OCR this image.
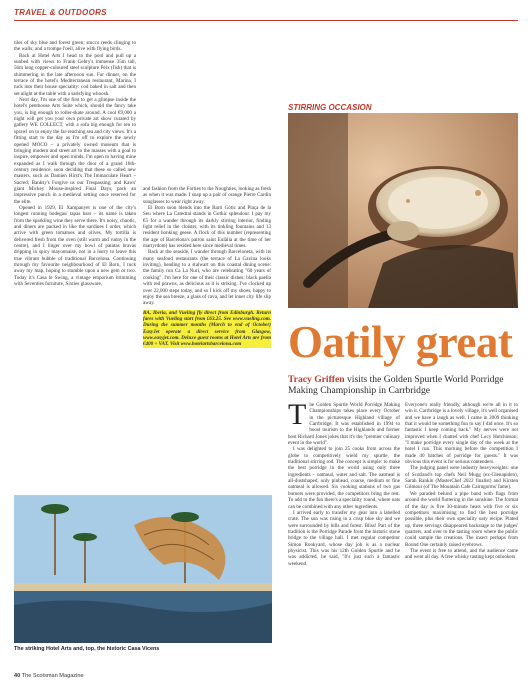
TRAVEL & OUTDOORS

tiles of sky blue and forest green; stucco reeds clinging to the walls; and a trompe l'oeil, alive with flying birds.

Back at Hotel Arts I head to the pool and pull up a sunbed with views to Frank Gehry's immense 35m tall, 56m long copper-coloured steel sculpture Peix (fish) that is shimmering in the late afternoon sun. For dinner, on the terrace of the hotel's Mediterranean restaurant, Marina, I tuck into their house speciality: cod baked in salt and then set alight at the table with a satisfying whoosh.

Next day, I'm one of the first to get a glimpse inside the hotel's penthouse Arts Suite which, should the fancy take you, is big enough to roller-skate around. A cool €9,000 a night will get you your own private art show curated by gallery WE COLLECT, with a sofa big enough for ten to sprawl on to enjoy the far-reaching sea and city views. It's a fitting start to the day as I'm off to explore the newly opened MOCO – a privately owned museum that is bringing modern and street art to the masses with a goal to inspire, empower and open minds. I'm open to having mine expanded as I walk through the door of a grand 16th-century residence, soon deciding that these so called new masters, such as Damien Hirst's The Immaculate Heart – Sacred; Banksy's Forgive us our Trespassing; and Kaws' giant Mickey Mouse-inspired Final Days, pack an impressive punch in a medieval setting once reserved for the elite.

Opened in 1929, El Xampanyet is one of the city's longest running bodegas/ tapas bars – its name is taken from the sparkling wine they serve there. It's noisy, chaotic, and diners are packed in like the sardines I order, which arrive with green tomatoes and olives. My tortilla is delivered fresh from the oven (still warm and runny in the centre), and I linger over my bowl of patatas bravas dripping in spicy mayonnaise, not in a hurry to leave this true vibrant bubble of traditional Barcelona. Continuing through my favourite neighbourhood of El Born, I tuck away my map, hoping to stumble upon a new gem or two. Today it's Casa le Swing, a vintage emporium brimming with Seventies furniture, Sixties glassware,

and fashion from the Forties to the Noughties, looking as fresh as when it was made. I snap up a pair of orange Pierre Cardin sunglasses to wear right away.

El Born soon blends into the Barri Gòtic and Plaça de la Seu where La Catedral stands in Gothic splendour. I pay my €5 for a wander through its darkly stirring interior, finding light relief in the cloister, with its tinkling fountains and 13 resident honking geese. A flock of this number (representing the age of Barcelona's patron saint Eulàlia at the time of her martyrdom) has resided here since medieval times.

Back at the seaside, I wander through Barceloneta, with its many seafood restaurants (the terrace of La Gavina looks inviting), heading to a stalwart on this coastal dining scene: the family run Ca La Nuri, who are celebrating "60 years of cooking". I'm here for one of their classic dishes: black paella with red prawns, as delicious as it is striking. I've clocked up over 22,000 steps today, and so I kick off my shoes, happy to enjoy the sea breeze, a glass of cava, and let inner city life slip away.

BA, Iberia, and Vueling fly direct from Edinburgh. Return fares with Vueling start from £63.25. See www.vueling.com. During the summer months (March to end of October) EasyJet operate a direct service from Glasgow, www.easyjet.com. Deluxe guest rooms at Hotel Arts are from €400 + VAT. Visit www.hotelartsbarcelona.com

The striking Hotel Arts and, top, the historic Casa Vicens
40 The Scotsman Magazine
STIRRING OCCASION
Oatily great
Tracy Griffen visits the Golden Spurtle World Porridge Making Championship in Carrbridge

T he Golden Spurtle World Porridge Making Championships takes place every October in the picturesque Highland village of Carrbridge. It was established in 1994 to boost tourism to the Highlands and former host Richard Jones jokes that it's the "premier culinary event in the world".

I was delighted to join 25 cooks from across the globe to competitively wield my spurtle, the traditional stirring rod. The concept is simple: to make the best porridge in the world using only three ingredients – oatmeal, water and salt. The oatmeal is all-dustshaped, only pinhead, coarse, medium or fine oatmeal is allowed. Six cooking stations of two gas burners were provided, the competitors bring the rest. To add to the fun there's a speciality round, where oats can be combined with any other ingredients.

I arrived early to transfer my gear into a labelled crate. The sun was rising in a crisp blue sky and we were surrounded by hills and forest. Bliss! Part of the tradition is the Porridge Parade from the historic stone bridge to the village hall. I met regular competitor Simon Rookyard, whose day job is as a nuclear physicist. This was his 12th Golden Spurtle and he was addicted, he said, "It's just such a fantastic weekend.

Everyone's really friendly, although we're all in it to win it. Carrbridge is a lovely village, it's well organised and we have a laugh as well. I came in 2009 thinking that it would be something fun to say I did once. It's so fantastic I keep coming back." My nerves were not improved when I chatted with chef Lucy Hutchinson: "I make porridge every single day of the week at the hotel I run. This morning before the competition I made 40 batches of porridge for guests." It was obvious this event is for serious contenders.

The judging panel were industry heavyweights: one of Scotland's top chefs Neil Mugg (ex-Glenapiden), Sarah Rankin (MasterChef 2022 finalist) and Kirsten Gilmour (of The Mountain Cafe Cairngorms' fame).

We paraded behind a pipe band with flags from around the world fluttering in the sunshine. The format of the day is five 30-minute heats with five or six competitors maximising to find the best porridge possible, plus their own speciality oaty recipe. Plated up, three servings disappeared backstage to the judges' quarters, and over to the tasting room where the public could sample the creations. The insect perhaps from Round One certainly raised eyebrows.

The event is free to attend, and the audience came and went all day. A free whisky tasting kept onlookers
